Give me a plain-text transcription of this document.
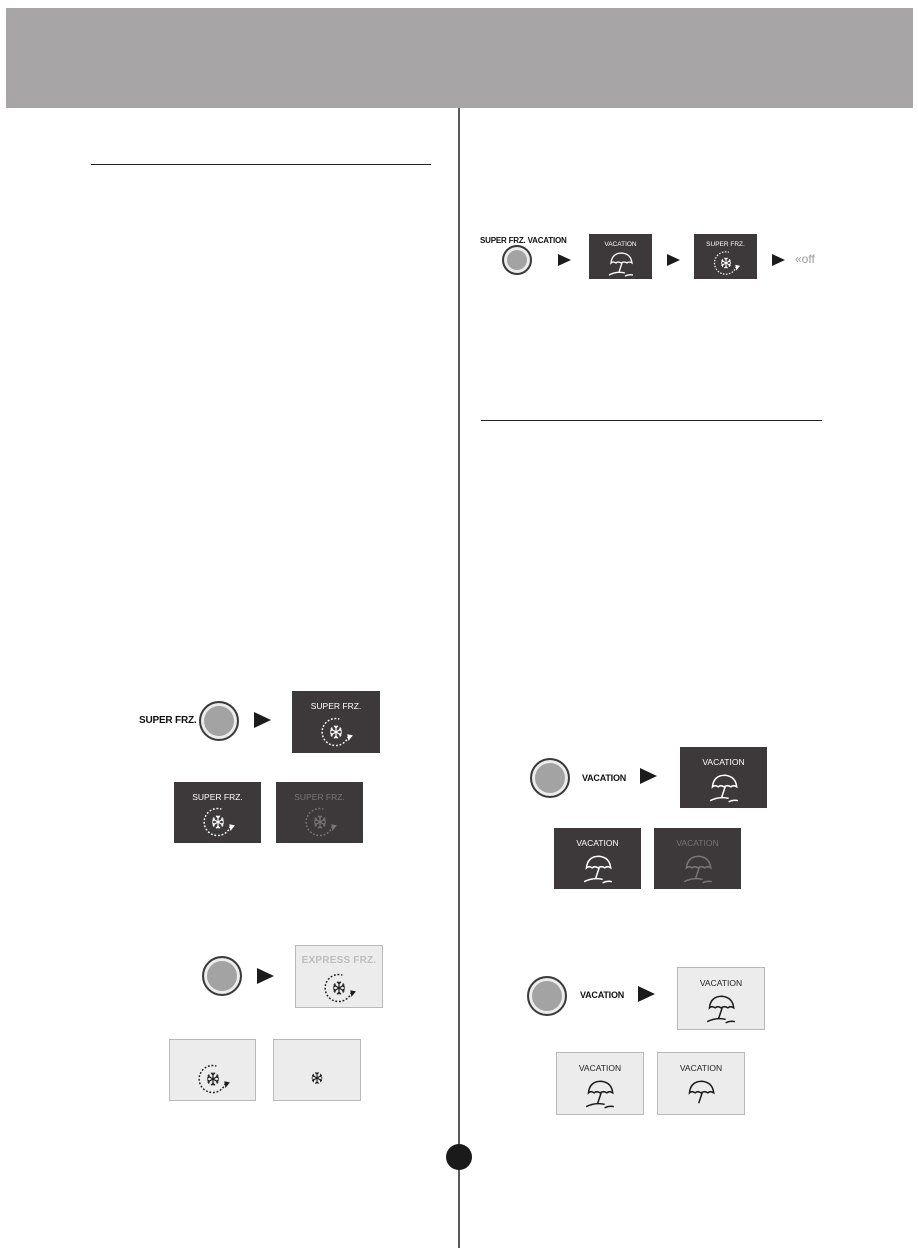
SUPER FRZ. VACATION	VACATION	SUPER FRZ.
«off
SUPER FRZ.
SUPER FRZ.
SUPER FRZ.	SUPER FRZ.
EXPRESS FRZ.
VACATION
VACATION
VACATION	VACATION
VACATION
VACATION
VACATION	VACATION
